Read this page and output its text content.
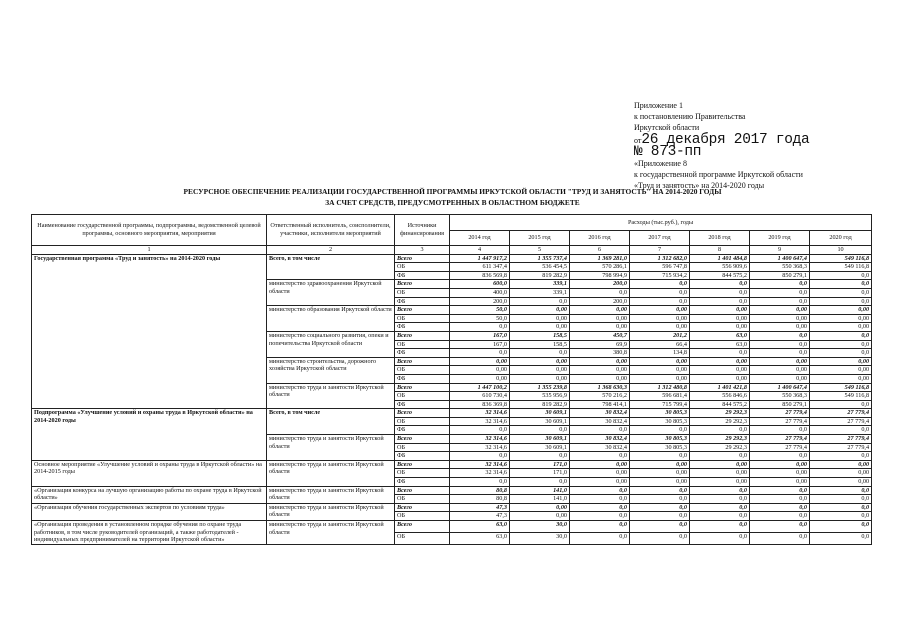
Приложение 1
к постановлению Правительства
Иркутской области
от26 декабря 2017 года
№ 873-пп
«Приложение 8
к государственной программе Иркутской области
«Труд и занятость» на 2014-2020 годы
РЕСУРСНОЕ ОБЕСПЕЧЕНИЕ РЕАЛИЗАЦИИ ГОСУДАРСТВЕННОЙ ПРОГРАММЫ ИРКУТСКОЙ ОБЛАСТИ "ТРУД И ЗАНЯТОСТЬ" НА 2014-2020 ГОДЫ
ЗА СЧЕТ СРЕДСТВ, ПРЕДУСМОТРЕННЫХ В ОБЛАСТНОМ БЮДЖЕТЕ
Наименование государственной программы, подпрограммы, ведомственной целевой программы, основного мероприятия, мероприятия	Ответственный исполнитель, соисполнители, участники, исполнители мероприятий	Источники финансирования	Расходы (тыс.руб.), годы						
			2014 год	2015 год	2016 год	2017 год	2018 год	2019 год	2020 год
1	2	3	4	5	6	7	8	9	10
Государственная программа «Труд и занятость» на 2014-2020 годы	Всего, в том числе	Всего	1 447 917,2	1 355 737,4	1 369 281,0	1 312 682,0	1 401 484,8	1 400 647,4	549 116,8
		ОБ	611 347,4	536 454,5	570 286,1	596 747,8	556 909,6	550 368,3	549 116,8
		ФБ	836 569,8	819 282,9	798 994,9	715 934,2	844 575,2	850 279,1	0,0
	министерство здравоохранения Иркутской области	Всего	600,0	339,1	200,0	0,0	0,0	0,0	0,0
		ОБ	400,0	339,1	0,0	0,0	0,0	0,0	0,0
		ФБ	200,0	0,0	200,0	0,0	0,0	0,0	0,0
	министерство образования Иркутской области	Всего	50,0	0,00	0,00	0,00	0,00	0,00	0,00
		ОБ	50,0	0,00	0,00	0,00	0,00	0,00	0,00
		ФБ	0,0	0,00	0,00	0,00	0,00	0,00	0,00
	министерство социального развития, опеки и попечительства Иркутской области	Всего	167,0	158,5	450,7	201,2	63,0	0,0	0,0
		ОБ	167,0	158,5	69,9	66,4	63,0	0,0	0,0
		ФБ	0,0	0,0	380,8	134,8	0,0	0,0	0,0
	министерство строительства, дорожного хозяйства Иркутской области	Всего	0,00	0,00	0,00	0,00	0,00	0,00	0,00
		ОБ	0,00	0,00	0,00	0,00	0,00	0,00	0,00
		ФБ	0,00	0,00	0,00	0,00	0,00	0,00	0,00
	министерство труда и занятости Иркутской области	Всего	1 447 100,2	1 355 239,8	1 368 630,3	1 312 480,8	1 401 421,8	1 400 647,4	549 116,8
		ОБ	610 730,4	535 956,9	570 216,2	596 681,4	556 846,6	550 368,3	549 116,8
		ФБ	836 369,8	819 282,9	798 414,1	715 799,4	844 575,2	850 279,1	0,0
Подпрограмма «Улучшение условий и охраны труда в Иркутской области» на 2014-2020 годы	Всего, в том числе	Всего	32 314,6	30 609,1	30 832,4	30 805,3	29 292,3	27 779,4	27 779,4
		ОБ	32 314,6	30 609,1	30 832,4	30 805,3	29 292,3	27 779,4	27 779,4
		ФБ	0,0	0,0	0,0	0,0	0,0	0,0	0,0
	министерство труда и занятости Иркутской области	Всего	32 314,6	30 609,1	30 832,4	30 805,3	29 292,3	27 779,4	27 779,4
		ОБ	32 314,6	30 609,1	30 832,4	30 805,3	29 292,3	27 779,4	27 779,4
		ФБ	0,0	0,0	0,0	0,0	0,0	0,0	0,0
Основное мероприятие «Улучшение условий и охраны труда в Иркутской области» на 2014-2015 годы	министерство труда и занятости Иркутской области	Всего	32 314,6	171,0	0,00	0,00	0,00	0,00	0,00
		ОБ	32 314,6	171,0	0,00	0,00	0,00	0,00	0,00
		ФБ	0,0	0,0	0,00	0,00	0,00	0,00	0,00
«Организация конкурса на лучшую организацию работы по охране труда в Иркутской области»	министерство труда и занятости Иркутской области	Всего	80,8	141,0	0,0	0,0	0,0	0,0	0,0
		ОБ	80,8	141,0	0,0	0,0	0,0	0,0	0,0
«Организация обучения государственных экспертов по условиям труда»	министерство труда и занятости Иркутской области	Всего	47,3	0,00	0,0	0,0	0,0	0,0	0,0
		ОБ	47,3	0,00	0,0	0,0	0,0	0,0	0,0
«Организация проведения в установленном порядке обучения по охране труда работников, в том числе руководителей организаций, а также работодателей - индивидуальных предпринимателей на территории Иркутской области»	министерство труда и занятости Иркутской области	Всего	63,0	30,0	0,0	0,0	0,0	0,0	0,0
		ОБ	63,0	30,0	0,0	0,0	0,0	0,0	0,0
